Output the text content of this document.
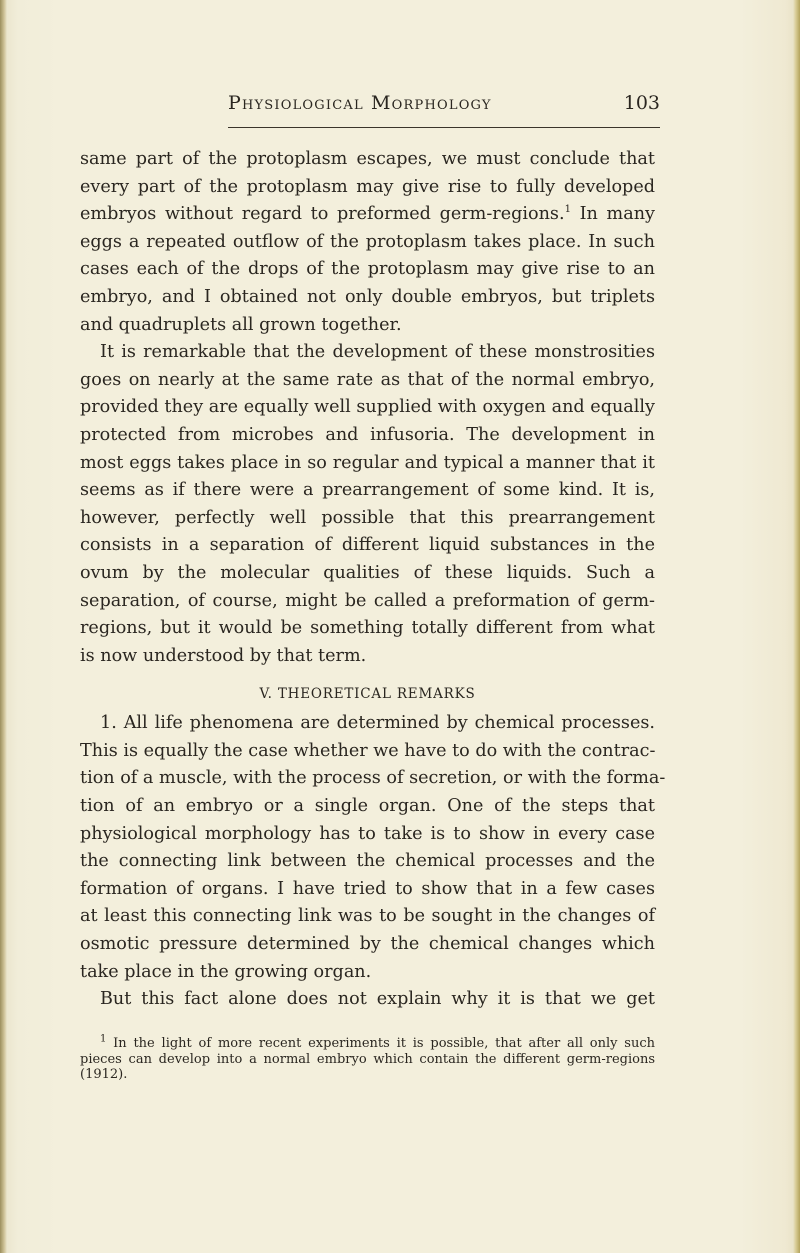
Physiological Morphology	103
same part of the protoplasm escapes, we must conclude that
every part of the protoplasm may give rise to fully developed
embryos without regard to preformed germ-regions.$^1$ In many
eggs a repeated outflow of the protoplasm takes place. In such
cases each of the drops of the protoplasm may give rise to an
embryo, and I obtained not only double embryos, but triplets
and quadruplets all grown together.
It is remarkable that the development of these monstrosities
goes on nearly at the same rate as that of the normal embryo,
provided they are equally well supplied with oxygen and equally
protected from microbes and infusoria. The development in
most eggs takes place in so regular and typical a manner that it
seems as if there were a prearrangement of some kind. It is,
however, perfectly well possible that this prearrangement
consists in a separation of different liquid substances in the
ovum by the molecular qualities of these liquids. Such a
separation, of course, might be called a preformation of germ-
regions, but it would be something totally different from what
is now understood by that term.
V. THEORETICAL REMARKS
1. All life phenomena are determined by chemical processes.
This is equally the case whether we have to do with the contrac-
tion of a muscle, with the process of secretion, or with the forma-
tion of an embryo or a single organ. One of the steps that
physiological morphology has to take is to show in every case
the connecting link between the chemical processes and the
formation of organs. I have tried to show that in a few cases
at least this connecting link was to be sought in the changes of
osmotic pressure determined by the chemical changes which
take place in the growing organ.
But this fact alone does not explain why it is that we get
$^1$ In the light of more recent experiments it is possible, that after all only such
pieces can develop into a normal embryo which contain the different germ-regions
(1912).
